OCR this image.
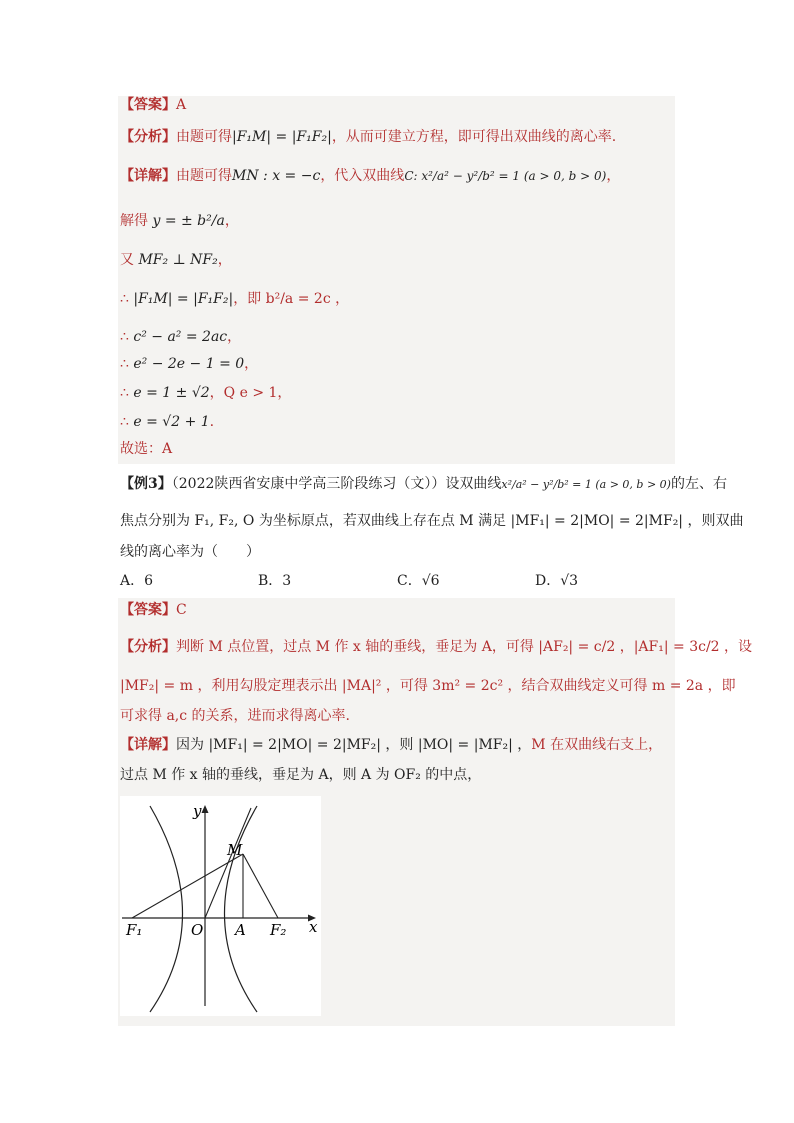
【答案】A
【分析】由题可得|F₁M| = |F₁F₂|，从而可建立方程，即可得出双曲线的离心率.
【详解】由题可得MN : x = −c，代入双曲线C: x²/a² − y²/b² = 1 (a > 0, b > 0)，
解得 y = ± b²/a，
又 MF₂ ⊥ NF₂，
∴ |F₁M| = |F₁F₂|，即 b²/a = 2c ，
∴ c² − a² = 2ac，
∴ e² − 2e − 1 = 0，
∴ e = 1 ± √2，Q e > 1，
∴ e = √2 + 1.
故选：A
【例3】（2022陕西省安康中学高三阶段练习（文））设双曲线x²/a² − y²/b² = 1 (a > 0, b > 0)的左、右
焦点分别为 F₁, F₂, O 为坐标原点，若双曲线上存在点 M 满足 |MF₁| = 2|MO| = 2|MF₂| ，则双曲
线的离心率为（　　）
A．6	B．3	C．√6	D．√3
【答案】C
【分析】判断 M 点位置，过点 M 作 x 轴的垂线，垂足为 A，可得 |AF₂| = c/2 ，|AF₁| = 3c/2 ，设
|MF₂| = m ，利用勾股定理表示出 |MA|² ，可得 3m² = 2c² ，结合双曲线定义可得 m = 2a ，即
可求得 a,c 的关系，进而求得离心率.
【详解】因为 |MF₁| = 2|MO| = 2|MF₂| ，则 |MO| = |MF₂| ，M 在双曲线右支上，
过点 M 作 x 轴的垂线，垂足为 A，则 A 为 OF₂ 的中点，
y
x
M
F₁	O A F₂
